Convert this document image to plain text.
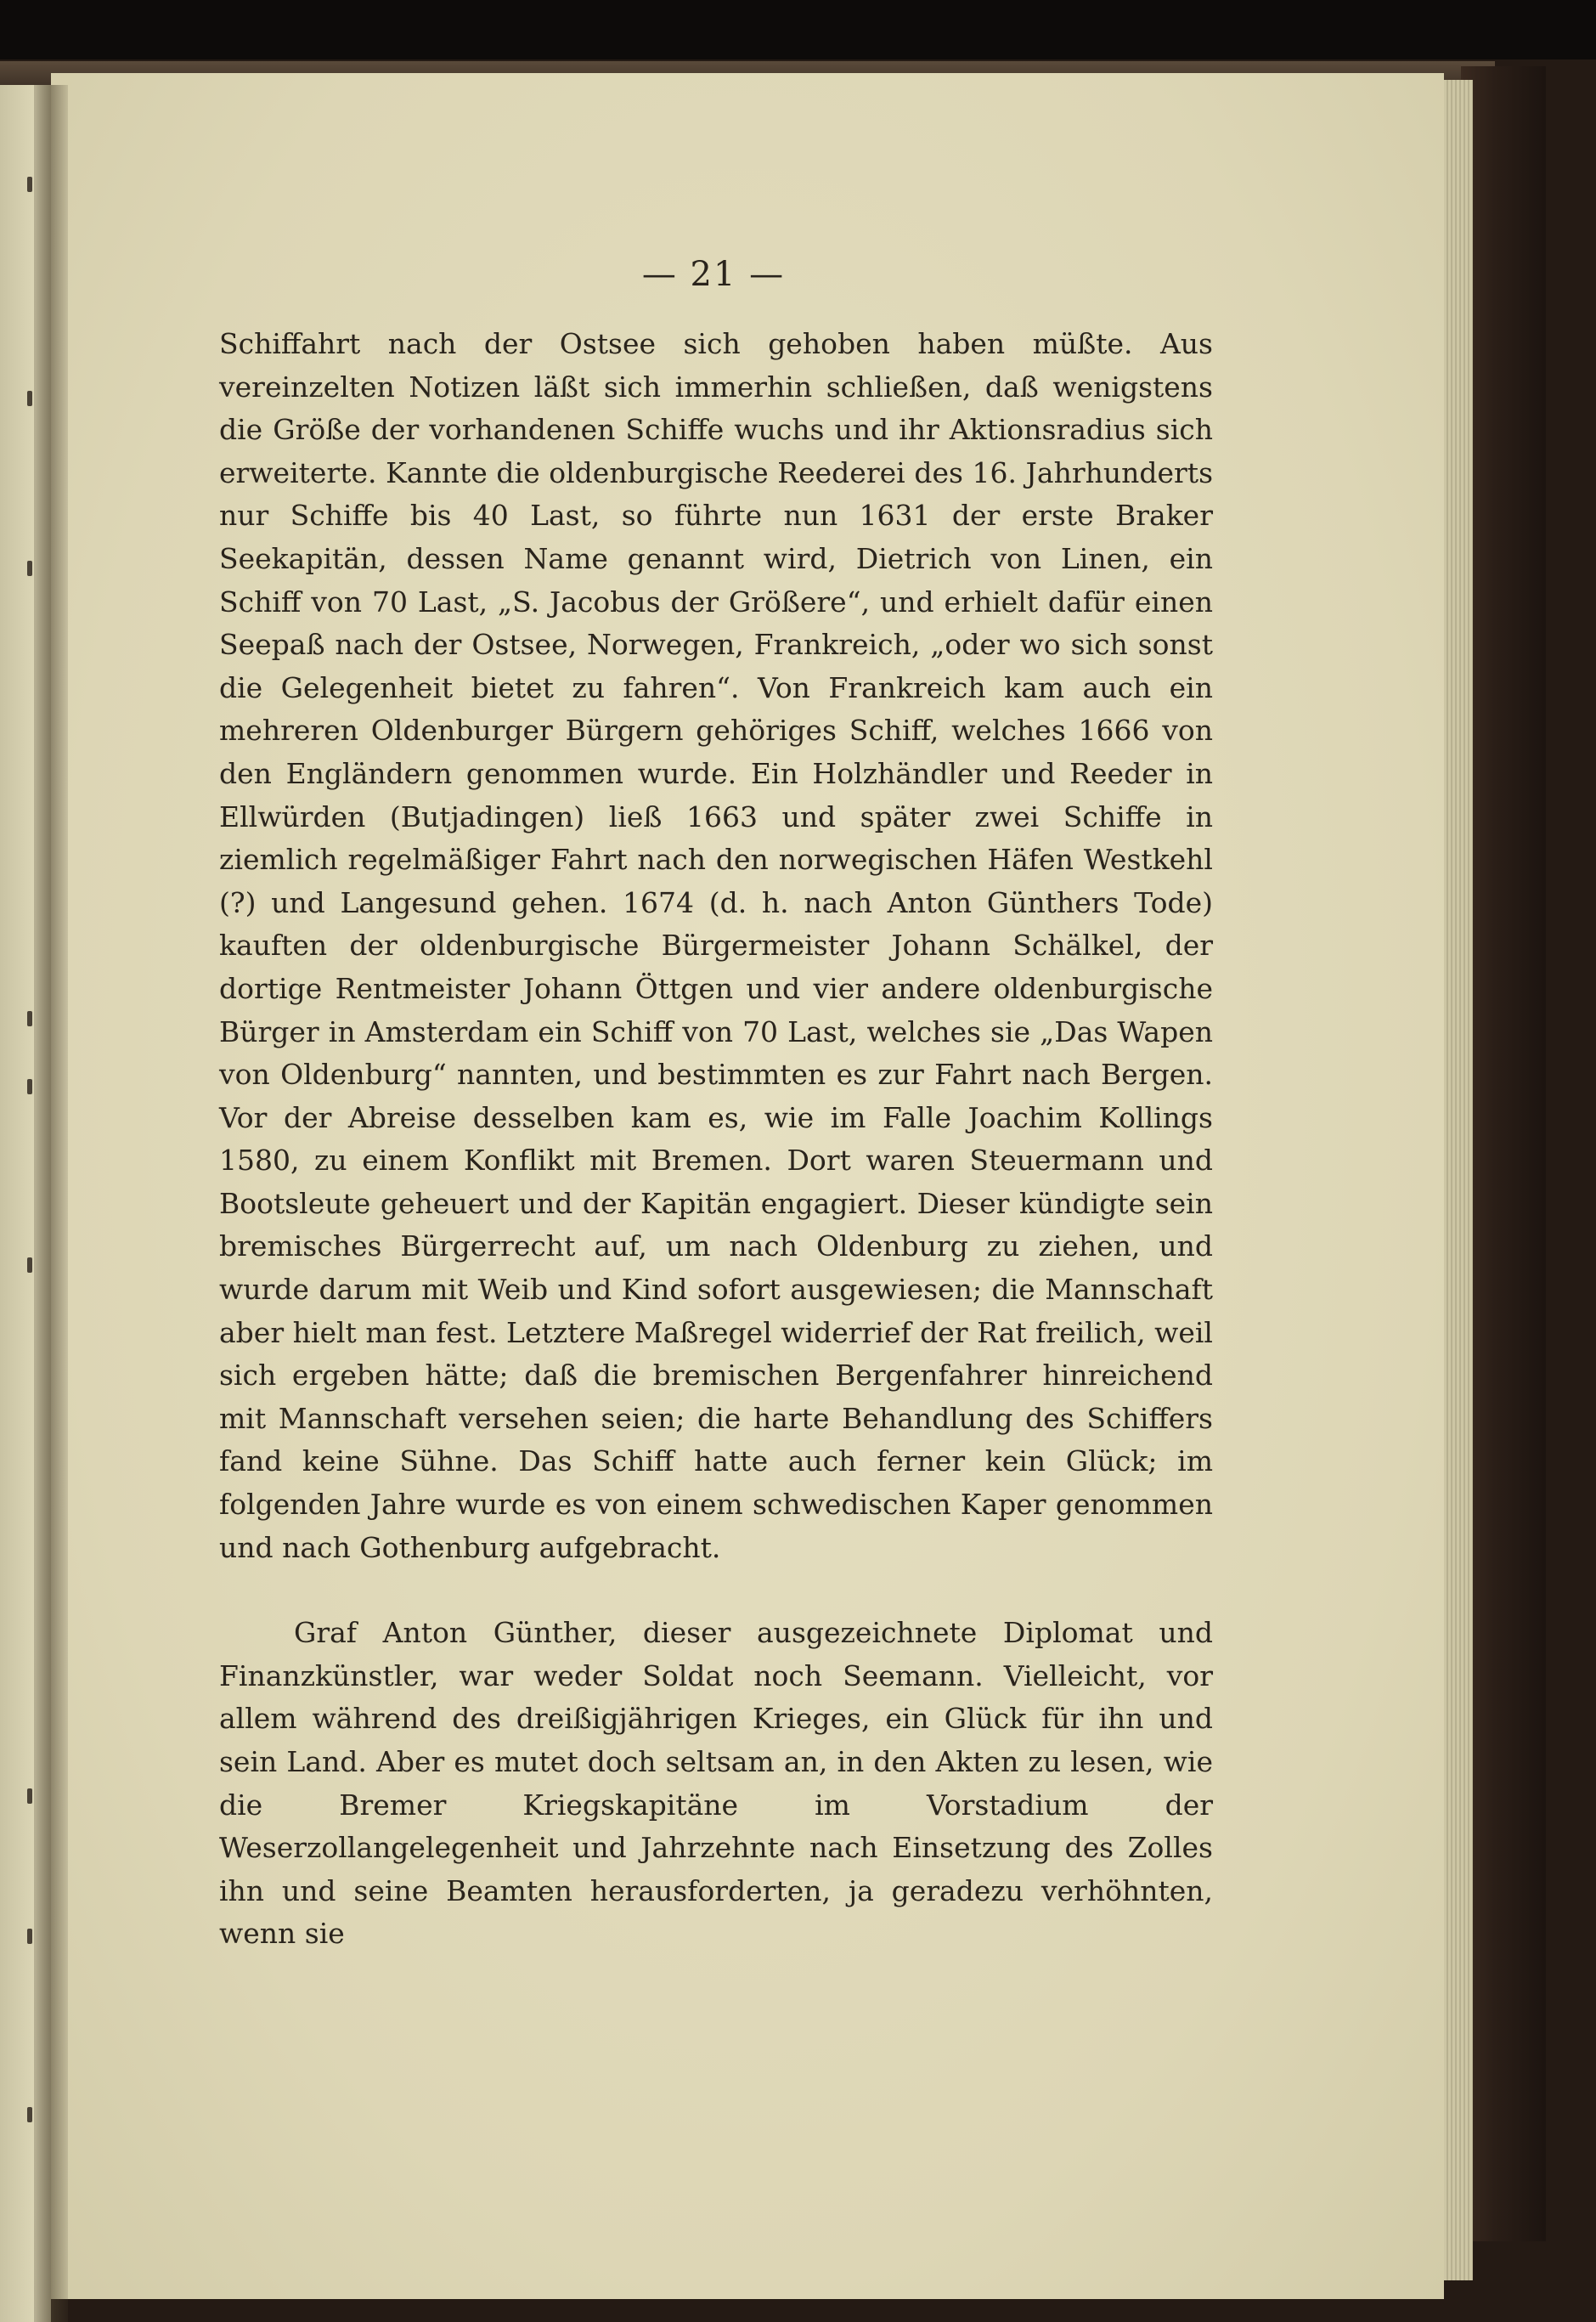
— 21 —

Schiffahrt nach der Ostsee sich gehoben haben müßte. Aus vereinzelten Notizen läßt sich immerhin schließen, daß wenigstens die Größe der vorhandenen Schiffe wuchs und ihr Aktionsradius sich erweiterte. Kannte die oldenburgische Reederei des 16. Jahrhunderts nur Schiffe bis 40 Last, so führte nun 1631 der erste Braker Seekapitän, dessen Name genannt wird, Dietrich von Linen, ein Schiff von 70 Last, „S. Jacobus der Größere“, und erhielt dafür einen Seepaß nach der Ostsee, Norwegen, Frankreich, „oder wo sich sonst die Gelegenheit bietet zu fahren“. Von Frankreich kam auch ein mehreren Oldenburger Bürgern gehöriges Schiff, welches 1666 von den Engländern genommen wurde. Ein Holzhändler und Reeder in Ellwürden (Butjadingen) ließ 1663 und später zwei Schiffe in ziemlich regelmäßiger Fahrt nach den norwegischen Häfen Westkehl (?) und Langesund gehen. 1674 (d. h. nach Anton Günthers Tode) kauften der oldenburgische Bürgermeister Johann Schälkel, der dortige Rentmeister Johann Öttgen und vier andere oldenburgische Bürger in Amsterdam ein Schiff von 70 Last, welches sie „Das Wapen von Oldenburg“ nannten, und bestimmten es zur Fahrt nach Bergen. Vor der Abreise desselben kam es, wie im Falle Joachim Kollings 1580, zu einem Konflikt mit Bremen. Dort waren Steuermann und Bootsleute geheuert und der Kapitän engagiert. Dieser kündigte sein bremisches Bürgerrecht auf, um nach Oldenburg zu ziehen, und wurde darum mit Weib und Kind sofort ausgewiesen; die Mannschaft aber hielt man fest. Letztere Maßregel widerrief der Rat freilich, weil sich ergeben hätte; daß die bremischen Bergenfahrer hinreichend mit Mannschaft versehen seien; die harte Behandlung des Schiffers fand keine Sühne. Das Schiff hatte auch ferner kein Glück; im folgenden Jahre wurde es von einem schwedischen Kaper genommen und nach Gothenburg aufgebracht.

Graf Anton Günther, dieser ausgezeichnete Diplomat und Finanzkünstler, war weder Soldat noch Seemann. Vielleicht, vor allem während des dreißigjährigen Krieges, ein Glück für ihn und sein Land. Aber es mutet doch seltsam an, in den Akten zu lesen, wie die Bremer Kriegskapitäne im Vorstadium der Weserzollangelegenheit und Jahrzehnte nach Einsetzung des Zolles ihn und seine Beamten herausforderten, ja geradezu verhöhnten, wenn sie
